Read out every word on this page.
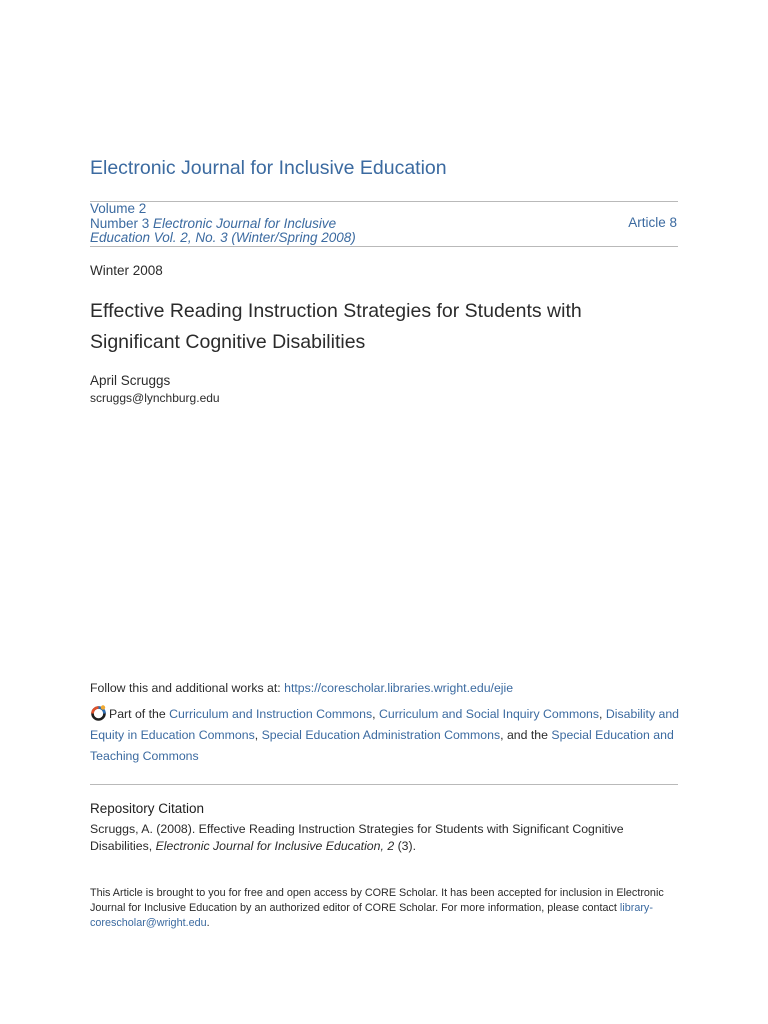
Electronic Journal for Inclusive Education
Volume 2
Number 3 Electronic Journal for Inclusive
Education Vol. 2, No. 3 (Winter/Spring 2008)
Article 8
Winter 2008
Effective Reading Instruction Strategies for Students with
Significant Cognitive Disabilities
April Scruggs
scruggs@lynchburg.edu
Follow this and additional works at: https://corescholar.libraries.wright.edu/ejie
Part of the Curriculum and Instruction Commons, Curriculum and Social Inquiry Commons, Disability and Equity in Education Commons, Special Education Administration Commons, and the Special Education and Teaching Commons
Repository Citation
Scruggs, A. (2008). Effective Reading Instruction Strategies for Students with Significant Cognitive Disabilities, Electronic Journal for Inclusive Education, 2 (3).
This Article is brought to you for free and open access by CORE Scholar. It has been accepted for inclusion in Electronic Journal for Inclusive Education by an authorized editor of CORE Scholar. For more information, please contact library-corescholar@wright.edu.
